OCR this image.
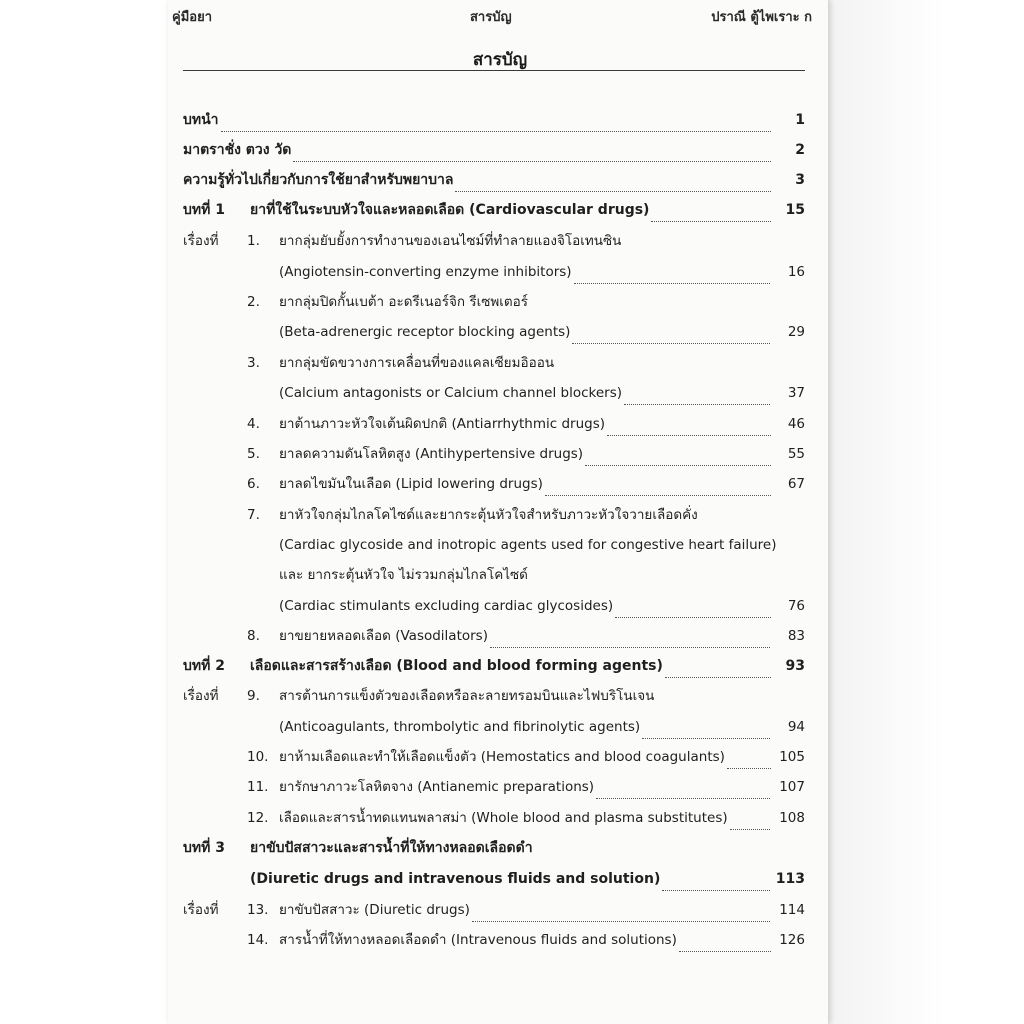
คู่มือยา	สารบัญ	ปราณี ตู้ไพเราะ ก
สารบัญ
บทนำ	1
มาตราชั่ง ตวง วัด	2
ความรู้ทั่วไปเกี่ยวกับการใช้ยาสำหรับพยาบาล	3
บทที่ 1 ยาที่ใช้ในระบบหัวใจและหลอดเลือด (Cardiovascular drugs)	15
เรื่องที่ 1. ยากลุ่มยับยั้งการทำงานของเอนไซม์ที่ทำลายแองจิโอเทนซิน
(Angiotensin-converting enzyme inhibitors)	16
2. ยากลุ่มปิดกั้นเบต้า อะดรีเนอร์จิก รีเซพเตอร์
(Beta-adrenergic receptor blocking agents)	29
3. ยากลุ่มขัดขวางการเคลื่อนที่ของแคลเซียมอิออน
(Calcium antagonists or Calcium channel blockers)	37
4. ยาต้านภาวะหัวใจเต้นผิดปกติ (Antiarrhythmic drugs)	46
5. ยาลดความดันโลหิตสูง (Antihypertensive drugs)	55
6. ยาลดไขมันในเลือด (Lipid lowering drugs)	67
7. ยาหัวใจกลุ่มไกลโคไซด์และยากระตุ้นหัวใจสำหรับภาวะหัวใจวายเลือดคั่ง
(Cardiac glycoside and inotropic agents used for congestive heart failure)
และ ยากระตุ้นหัวใจ ไม่รวมกลุ่มไกลโคไซด์
(Cardiac stimulants excluding cardiac glycosides)	76
8. ยาขยายหลอดเลือด (Vasodilators)	83
บทที่ 2 เลือดและสารสร้างเลือด (Blood and blood forming agents)	93
เรื่องที่ 9. สารต้านการแข็งตัวของเลือดหรือละลายทรอมบินและไฟบริโนเจน
(Anticoagulants, thrombolytic and fibrinolytic agents)	94
10. ยาห้ามเลือดและทำให้เลือดแข็งตัว (Hemostatics and blood coagulants)	105
11. ยารักษาภาวะโลหิตจาง (Antianemic preparations)	107
12. เลือดและสารน้ำทดแทนพลาสม่า (Whole blood and plasma substitutes)	108
บทที่ 3 ยาขับปัสสาวะและสารน้ำที่ให้ทางหลอดเลือดดำ
(Diuretic drugs and intravenous fluids and solution)	113
เรื่องที่ 13. ยาขับปัสสาวะ (Diuretic drugs)	114
14. สารน้ำที่ให้ทางหลอดเลือดดำ (Intravenous fluids and solutions)	126
